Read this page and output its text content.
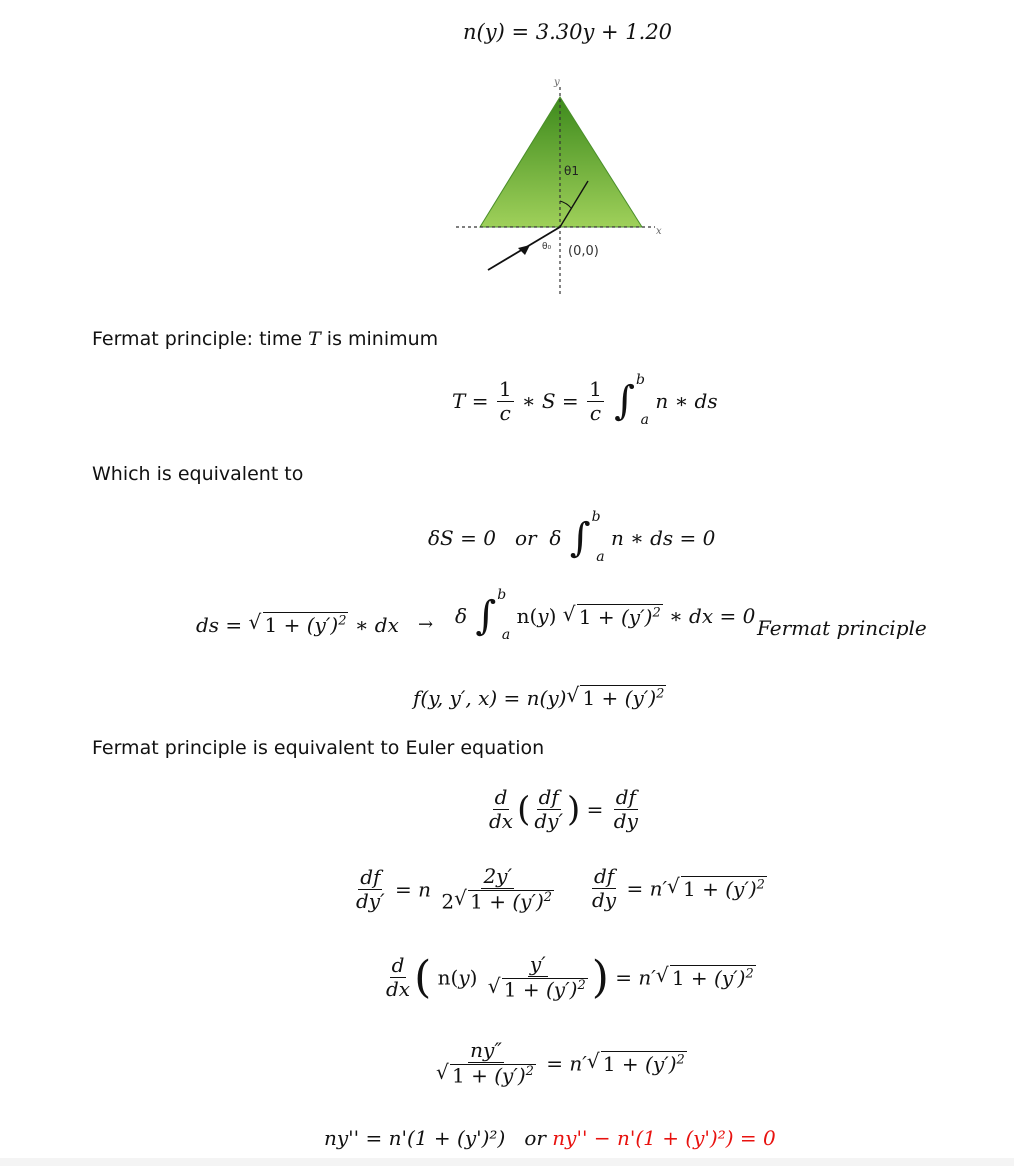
n(y) = 3.30y + 1.20
y
x
θ1
θ₀ (0,0)
Fermat principle: time T is minimum
$T = \frac{1}{c}$ ∗ $S = \frac{1}{c}$ ∫ b
a
n ∗ ds
Which is equivalent to
δS = 0   or  δ ∫ b
a
n ∗ ds = 0
ds = √ $1 + (y')^2$ ∗ dx → δ ∫ b
a
n(y) √ $1 + (y')^2$ ∗ dx = 0 Fermat principle
f(y, y′, x) = n(y) √ $1 + (y')^2$
Fermat principle is equivalent to Euler equation
$\frac{d}{dx}$ ( $\frac{df}{dy'}$ ) = $\frac{df}{dy}$
$\frac{df}{dy'} = n \frac{2y'}{2 √ 1 + (y')^2} \frac{df}{dy} = n'$ √ $1 + (y')^2$
$\frac{d}{dx}$ ( $n(y) \frac{y'}{√ 1 + (y')^2}$ ) = n′ √ $1 + (y')^2$
$\frac{ny''}{√ 1 + (y')^2} = n'$ √ $1 + (y')^2$
ny'' = n'(1 + (y')²) or ny'' − n'(1 + (y')²) = 0
